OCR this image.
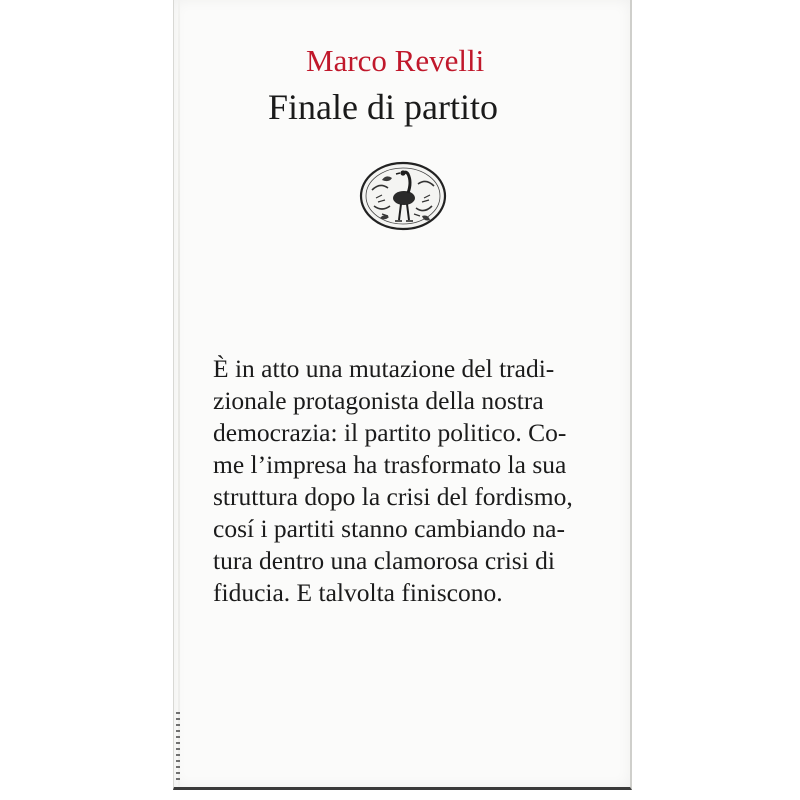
Marco Revelli
Finale di partito
È in atto una mutazione del tradi-
zionale protagonista della nostra
democrazia: il partito politico. Co-
me l’impresa ha trasformato la sua
struttura dopo la crisi del fordismo,
cosí i partiti stanno cambiando na-
tura dentro una clamorosa crisi di
fiducia. E talvolta finiscono.
